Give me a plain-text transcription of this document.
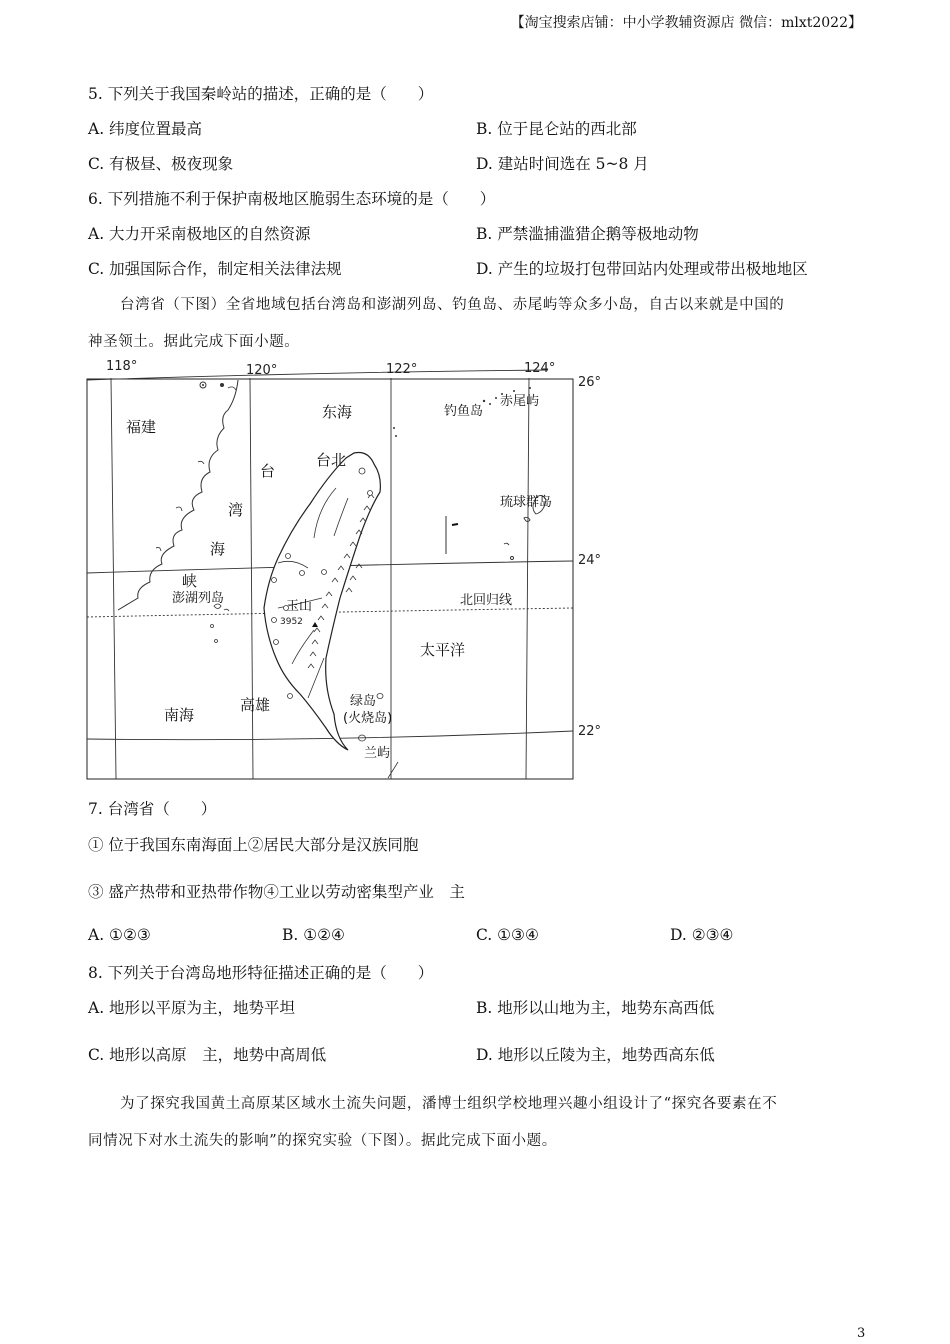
【淘宝搜索店铺：中小学教辅资源店 微信：mlxt2022】
5. 下列关于我国秦岭站的描述，正确的是（　　）
A. 纬度位置最高	B. 位于昆仑站的西北部
C. 有极昼、极夜现象	D. 建站时间选在 5~8 月
6. 下列措施不利于保护南极地区脆弱生态环境的是（　　）
A. 大力开采南极地区的自然资源	B. 严禁滥捕滥猎企鹅等极地动物
C. 加强国际合作，制定相关法律法规	D. 产生的垃圾打包带回站内处理或带出极地地区
台湾省（下图）全省地域包括台湾岛和澎湖列岛、钓鱼岛、赤尾屿等众多小岛，自古以来就是中国的
神圣领土。据此完成下面小题。
118°	120°	122°	124°
26°
24°
22°
福建
东海
台北
台
湾
海
峡
太平洋
南海
高雄
钓鱼岛
赤尾屿
琉球群岛
澎湖列岛	北回归线
玉山
绿岛
(火烧岛)
兰屿
3952
7. 台湾省（　　）
① 位于我国东南海面上②居民大部分是汉族同胞
③ 盛产热带和亚热带作物④工业以劳动密集型产业　主
A. ①②③	B. ①②④	C. ①③④	D. ②③④
8. 下列关于台湾岛地形特征描述正确的是（　　）
A. 地形以平原为主，地势平坦	B. 地形以山地为主，地势东高西低
C. 地形以高原　主，地势中高周低	D. 地形以丘陵为主，地势西高东低
为了探究我国黄土高原某区域水土流失问题，潘博士组织学校地理兴趣小组设计了“探究各要素在不
同情况下对水土流失的影响”的探究实验（下图）。据此完成下面小题。
3
